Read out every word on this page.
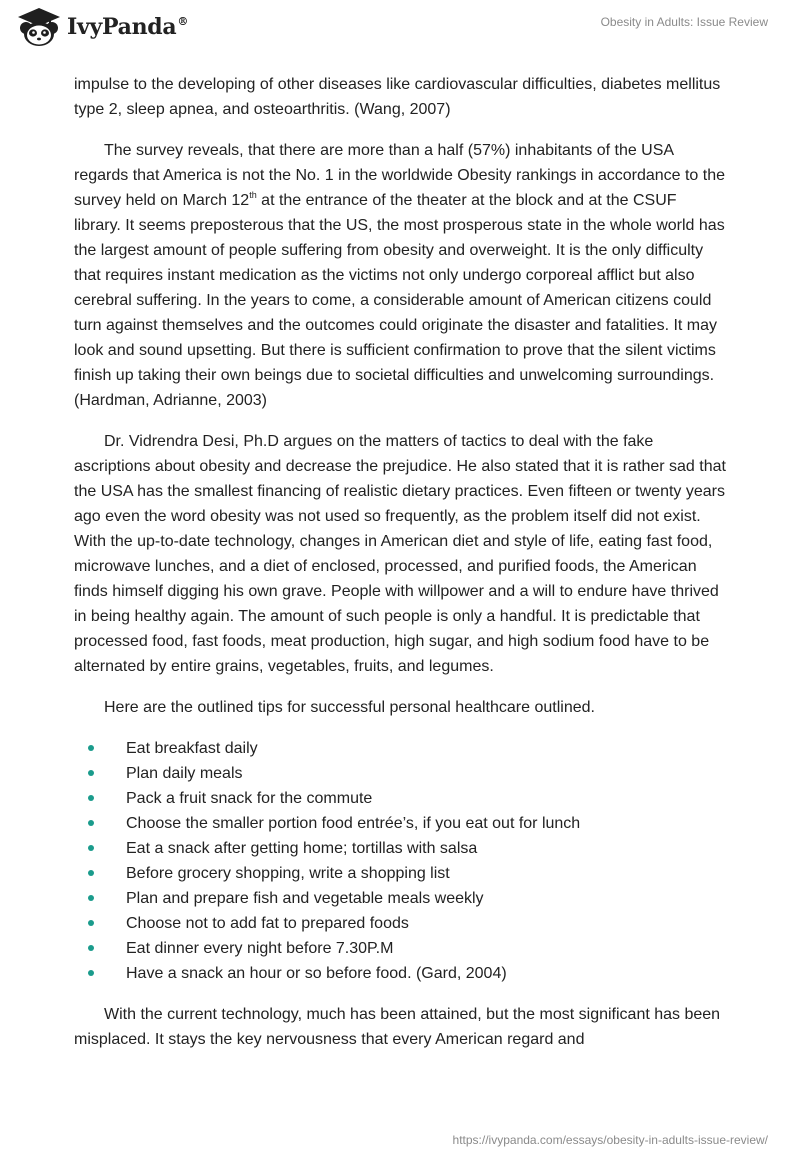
IvyPanda®	Obesity in Adults: Issue Review

impulse to the developing of other diseases like cardiovascular difficulties, diabetes mellitus type 2, sleep apnea, and osteoarthritis. (Wang, 2007)

The survey reveals, that there are more than a half (57%) inhabitants of the USA regards that America is not the No. 1 in the worldwide Obesity rankings in accordance to the survey held on March 12th at the entrance of the theater at the block and at the CSUF library. It seems preposterous that the US, the most prosperous state in the whole world has the largest amount of people suffering from obesity and overweight. It is the only difficulty that requires instant medication as the victims not only undergo corporeal afflict but also cerebral suffering. In the years to come, a considerable amount of American citizens could turn against themselves and the outcomes could originate the disaster and fatalities. It may look and sound upsetting. But there is sufficient confirmation to prove that the silent victims finish up taking their own beings due to societal difficulties and unwelcoming surroundings. (Hardman, Adrianne, 2003)

Dr. Vidrendra Desi, Ph.D argues on the matters of tactics to deal with the fake ascriptions about obesity and decrease the prejudice. He also stated that it is rather sad that the USA has the smallest financing of realistic dietary practices. Even fifteen or twenty years ago even the word obesity was not used so frequently, as the problem itself did not exist. With the up-to-date technology, changes in American diet and style of life, eating fast food, microwave lunches, and a diet of enclosed, processed, and purified foods, the American finds himself digging his own grave. People with willpower and a will to endure have thrived in being healthy again. The amount of such people is only a handful. It is predictable that processed food, fast foods, meat production, high sugar, and high sodium food have to be alternated by entire grains, vegetables, fruits, and legumes.

Here are the outlined tips for successful personal healthcare outlined.

Eat breakfast daily
Plan daily meals
Pack a fruit snack for the commute
Choose the smaller portion food entrée’s, if you eat out for lunch
Eat a snack after getting home; tortillas with salsa
Before grocery shopping, write a shopping list
Plan and prepare fish and vegetable meals weekly
Choose not to add fat to prepared foods
Eat dinner every night before 7.30P.M
Have a snack an hour or so before food. (Gard, 2004)

With the current technology, much has been attained, but the most significant has been misplaced. It stays the key nervousness that every American regard and

https://ivypanda.com/essays/obesity-in-adults-issue-review/
